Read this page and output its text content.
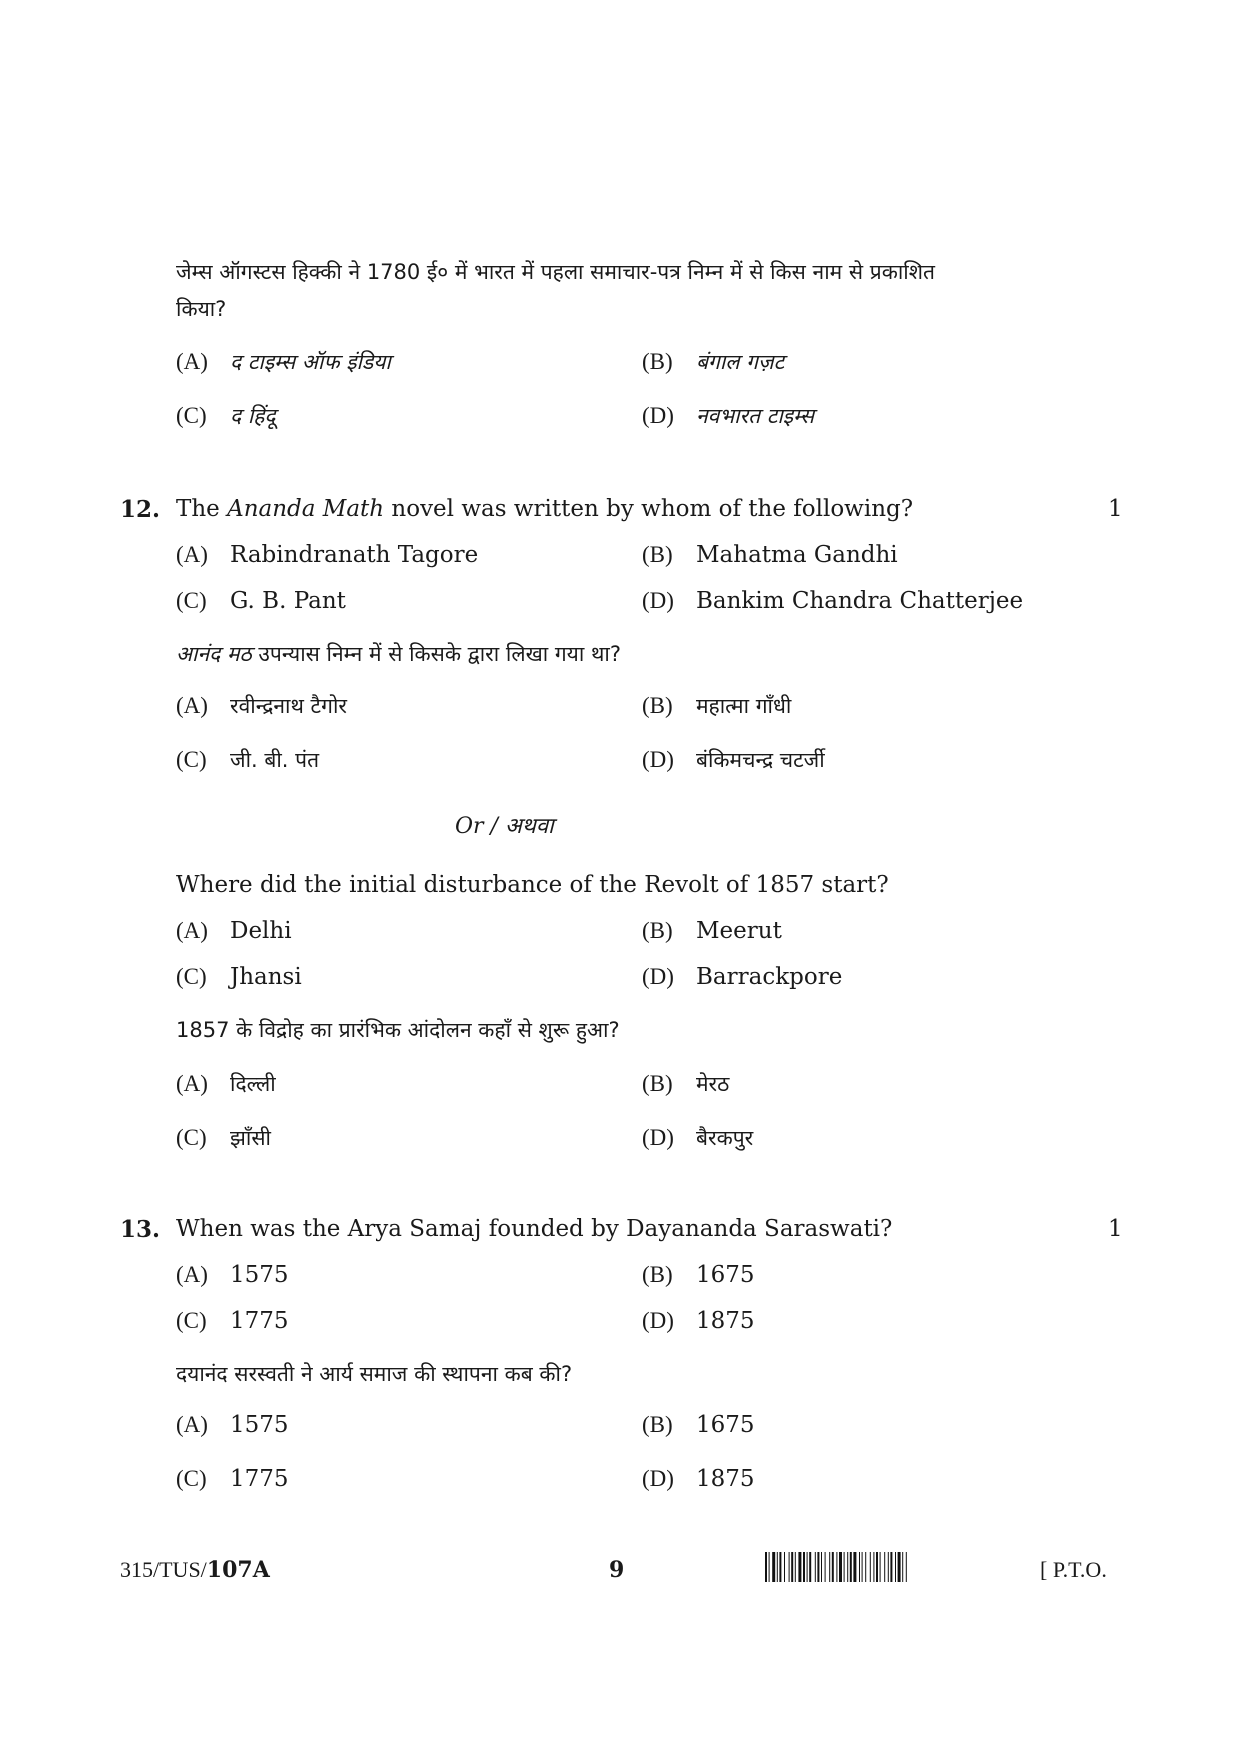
जेम्स ऑगस्टस हिक्की ने 1780 ई० में भारत में पहला समाचार-पत्र निम्न में से किस नाम से प्रकाशित
किया?
(A) द टाइम्स ऑफ इंडिया	(B) बंगाल गज़ट
(C) द हिंदू	(D) नवभारत टाइम्स
12. The Ananda Math novel was written by whom of the following?	1
(A) Rabindranath Tagore	(B) Mahatma Gandhi
(C) G. B. Pant	(D) Bankim Chandra Chatterjee
आनंद मठ उपन्यास निम्न में से किसके द्वारा लिखा गया था?
(A) रवीन्द्रनाथ टैगोर	(B) महात्मा गाँधी
(C) जी. बी. पंत	(D) बंकिमचन्द्र चटर्जी
Or / अथवा
Where did the initial disturbance of the Revolt of 1857 start?
(A) Delhi	(B) Meerut
(C) Jhansi	(D) Barrackpore
1857 के विद्रोह का प्रारंभिक आंदोलन कहाँ से शुरू हुआ?
(A) दिल्ली	(B) मेरठ
(C) झाँसी	(D) बैरकपुर
13. When was the Arya Samaj founded by Dayananda Saraswati?	1
(A) 1575	(B) 1675
(C) 1775	(D) 1875
दयानंद सरस्वती ने आर्य समाज की स्थापना कब की?
(A) 1575	(B) 1675
(C) 1775	(D) 1875
315/TUS/107A	9	[ P.T.O.
